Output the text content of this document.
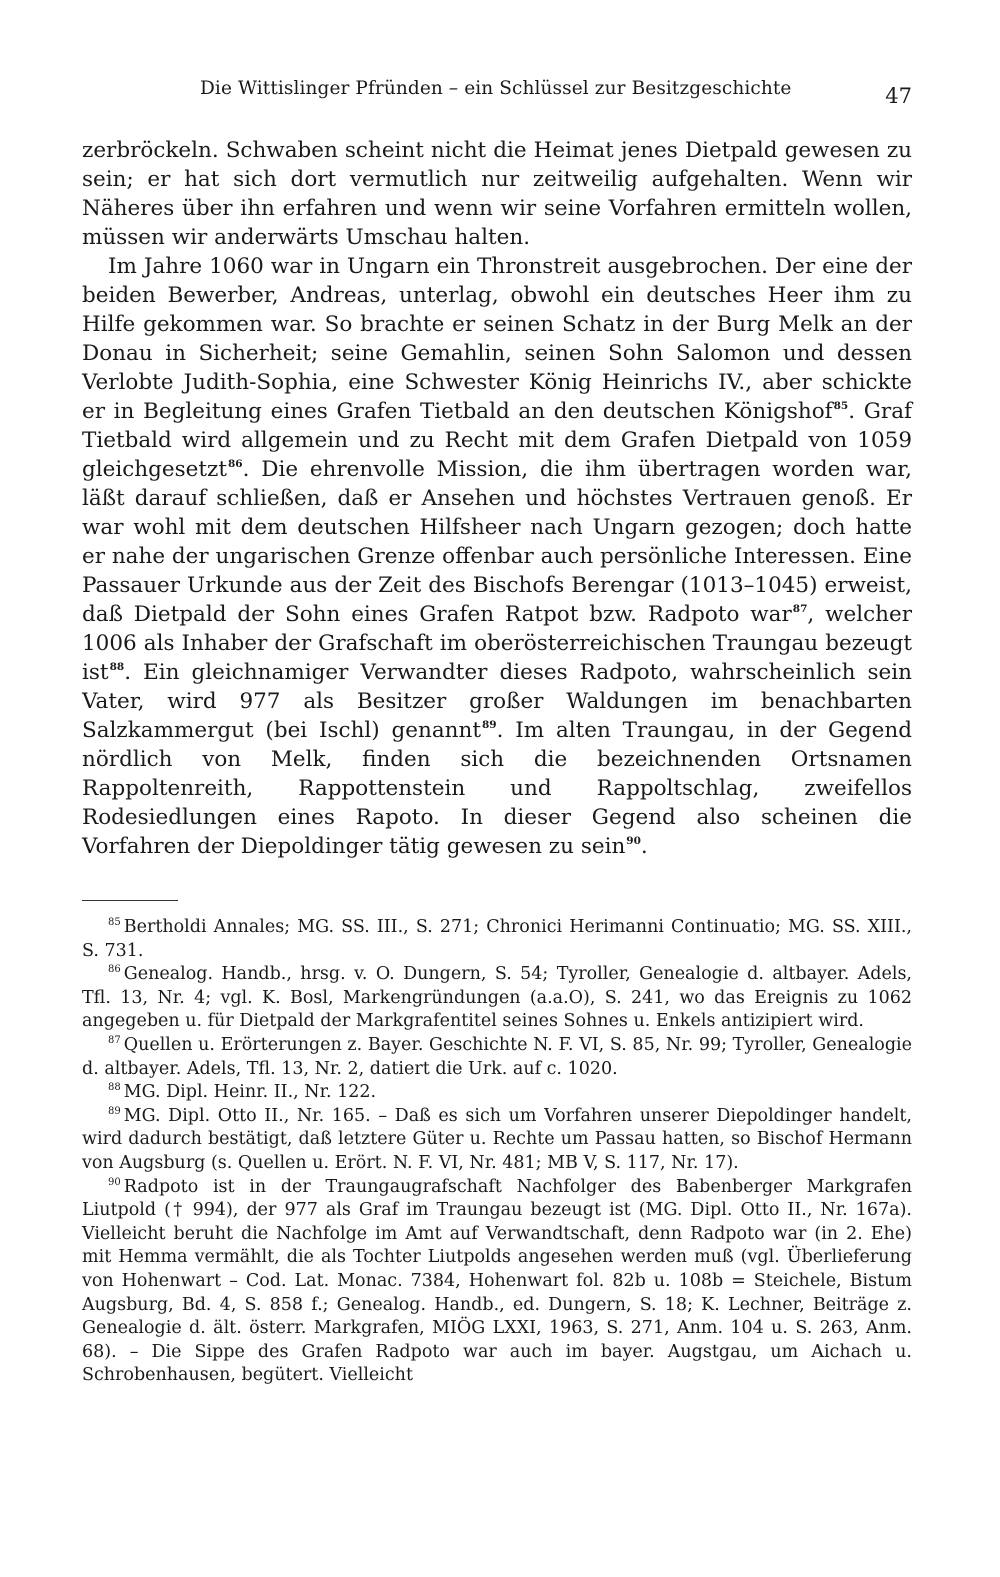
Die Wittislinger Pfründen – ein Schlüssel zur Besitzgeschichte	47

zerbröckeln. Schwaben scheint nicht die Heimat jenes Dietpald gewesen zu sein; er hat sich dort vermutlich nur zeitweilig aufgehalten. Wenn wir Näheres über ihn erfahren und wenn wir seine Vorfahren ermitteln wollen, müssen wir anderwärts Umschau halten.

Im Jahre 1060 war in Ungarn ein Thronstreit ausgebrochen. Der eine der beiden Bewerber, Andreas, unterlag, obwohl ein deutsches Heer ihm zu Hilfe gekommen war. So brachte er seinen Schatz in der Burg Melk an der Donau in Sicherheit; seine Gemahlin, seinen Sohn Salomon und dessen Verlobte Judith-Sophia, eine Schwester König Heinrichs IV., aber schickte er in Begleitung eines Grafen Tietbald an den deutschen Königshof$^{85}$. Graf Tietbald wird allgemein und zu Recht mit dem Grafen Dietpald von 1059 gleichgesetzt$^{86}$. Die ehrenvolle Mission, die ihm übertragen worden war, läßt darauf schließen, daß er Ansehen und höchstes Vertrauen genoß. Er war wohl mit dem deutschen Hilfsheer nach Ungarn gezogen; doch hatte er nahe der ungarischen Grenze offenbar auch persönliche Interessen. Eine Passauer Urkunde aus der Zeit des Bischofs Berengar (1013–1045) erweist, daß Dietpald der Sohn eines Grafen Ratpot bzw. Radpoto war$^{87}$, welcher 1006 als Inhaber der Grafschaft im oberösterreichischen Traungau bezeugt ist$^{88}$. Ein gleichnamiger Verwandter dieses Radpoto, wahrscheinlich sein Vater, wird 977 als Besitzer großer Waldungen im benachbarten Salzkammergut (bei Ischl) genannt$^{89}$. Im alten Traungau, in der Gegend nördlich von Melk, finden sich die bezeichnenden Ortsnamen Rappoltenreith, Rappottenstein und Rappoltschlag, zweifellos Rodesiedlungen eines Rapoto. In dieser Gegend also scheinen die Vorfahren der Diepoldinger tätig gewesen zu sein$^{90}$.

$^{85}$ Bertholdi Annales; MG. SS. III., S. 271; Chronici Herimanni Continuatio; MG. SS. XIII., S. 731.

$^{86}$ Genealog. Handb., hrsg. v. O. Dungern, S. 54; Tyroller, Genealogie d. altbayer. Adels, Tfl. 13, Nr. 4; vgl. K. Bosl, Markengründungen (a.a.O), S. 241, wo das Ereignis zu 1062 angegeben u. für Dietpald der Markgrafentitel seines Sohnes u. Enkels antizipiert wird.

$^{87}$ Quellen u. Erörterungen z. Bayer. Geschichte N. F. VI, S. 85, Nr. 99; Tyroller, Genealogie d. altbayer. Adels, Tfl. 13, Nr. 2, datiert die Urk. auf c. 1020.

$^{88}$ MG. Dipl. Heinr. II., Nr. 122.

$^{89}$ MG. Dipl. Otto II., Nr. 165. – Daß es sich um Vorfahren unserer Diepoldinger handelt, wird dadurch bestätigt, daß letztere Güter u. Rechte um Passau hatten, so Bischof Hermann von Augsburg (s. Quellen u. Erört. N. F. VI, Nr. 481; MB V, S. 117, Nr. 17).

$^{90}$ Radpoto ist in der Traungaugrafschaft Nachfolger des Babenberger Markgrafen Liutpold († 994), der 977 als Graf im Traungau bezeugt ist (MG. Dipl. Otto II., Nr. 167a). Vielleicht beruht die Nachfolge im Amt auf Verwandtschaft, denn Radpoto war (in 2. Ehe) mit Hemma vermählt, die als Tochter Liutpolds angesehen werden muß (vgl. Überlieferung von Hohenwart – Cod. Lat. Monac. 7384, Hohenwart fol. 82b u. 108b = Steichele, Bistum Augsburg, Bd. 4, S. 858 f.; Genealog. Handb., ed. Dungern, S. 18; K. Lechner, Beiträge z. Genealogie d. ält. österr. Markgrafen, MIÖG LXXI, 1963, S. 271, Anm. 104 u. S. 263, Anm. 68). – Die Sippe des Grafen Radpoto war auch im bayer. Augstgau, um Aichach u. Schrobenhausen, begütert. Vielleicht
